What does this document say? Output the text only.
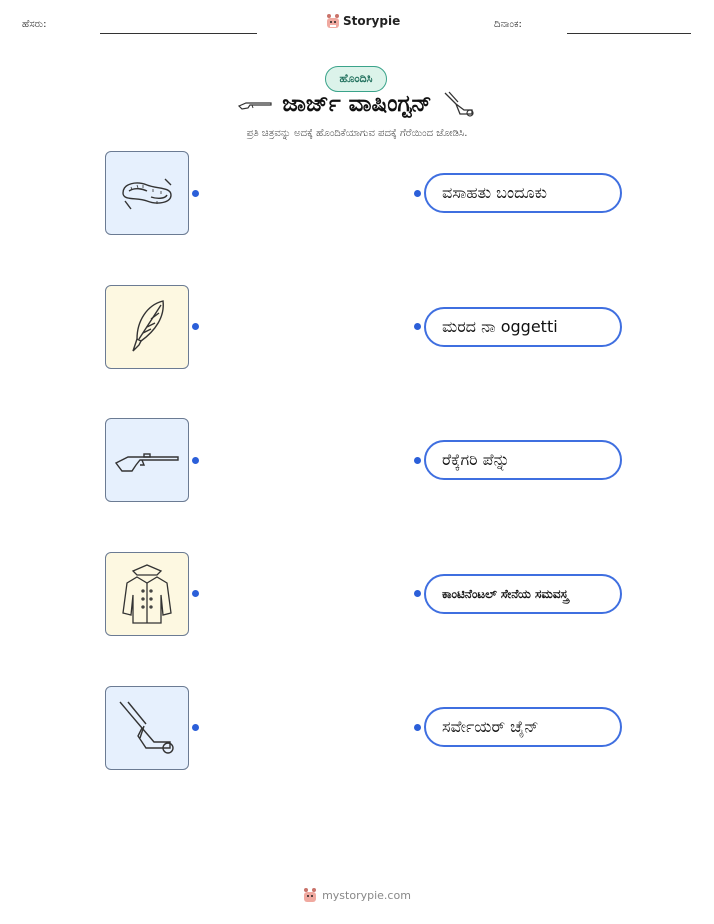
ಹೆಸರು:	Storypie	ದಿನಾಂಕ:
ಹೊಂದಿಸಿ
ಜಾರ್ಜ್ ವಾಷಿಂಗ್ಟನ್
ಪ್ರತಿ ಚಿತ್ರವನ್ನು ಅದಕ್ಕೆ ಹೊಂದಿಕೆಯಾಗುವ ಪದಕ್ಕೆ ಗೆರೆಯಿಂದ ಜೋಡಿಸಿ.
ವಸಾಹತು ಬಂದೂಕು
ಮರದ ನಾ oggetti
ರೆಕ್ಕೆಗರಿ ಪೆನ್ನು
ಕಾಂಟಿನೆಂಟಲ್ ಸೇನೆಯ ಸಮವಸ್ತ್ರ
ಸರ್ವೇಯರ್ ಚೈನ್
mystorypie.com
